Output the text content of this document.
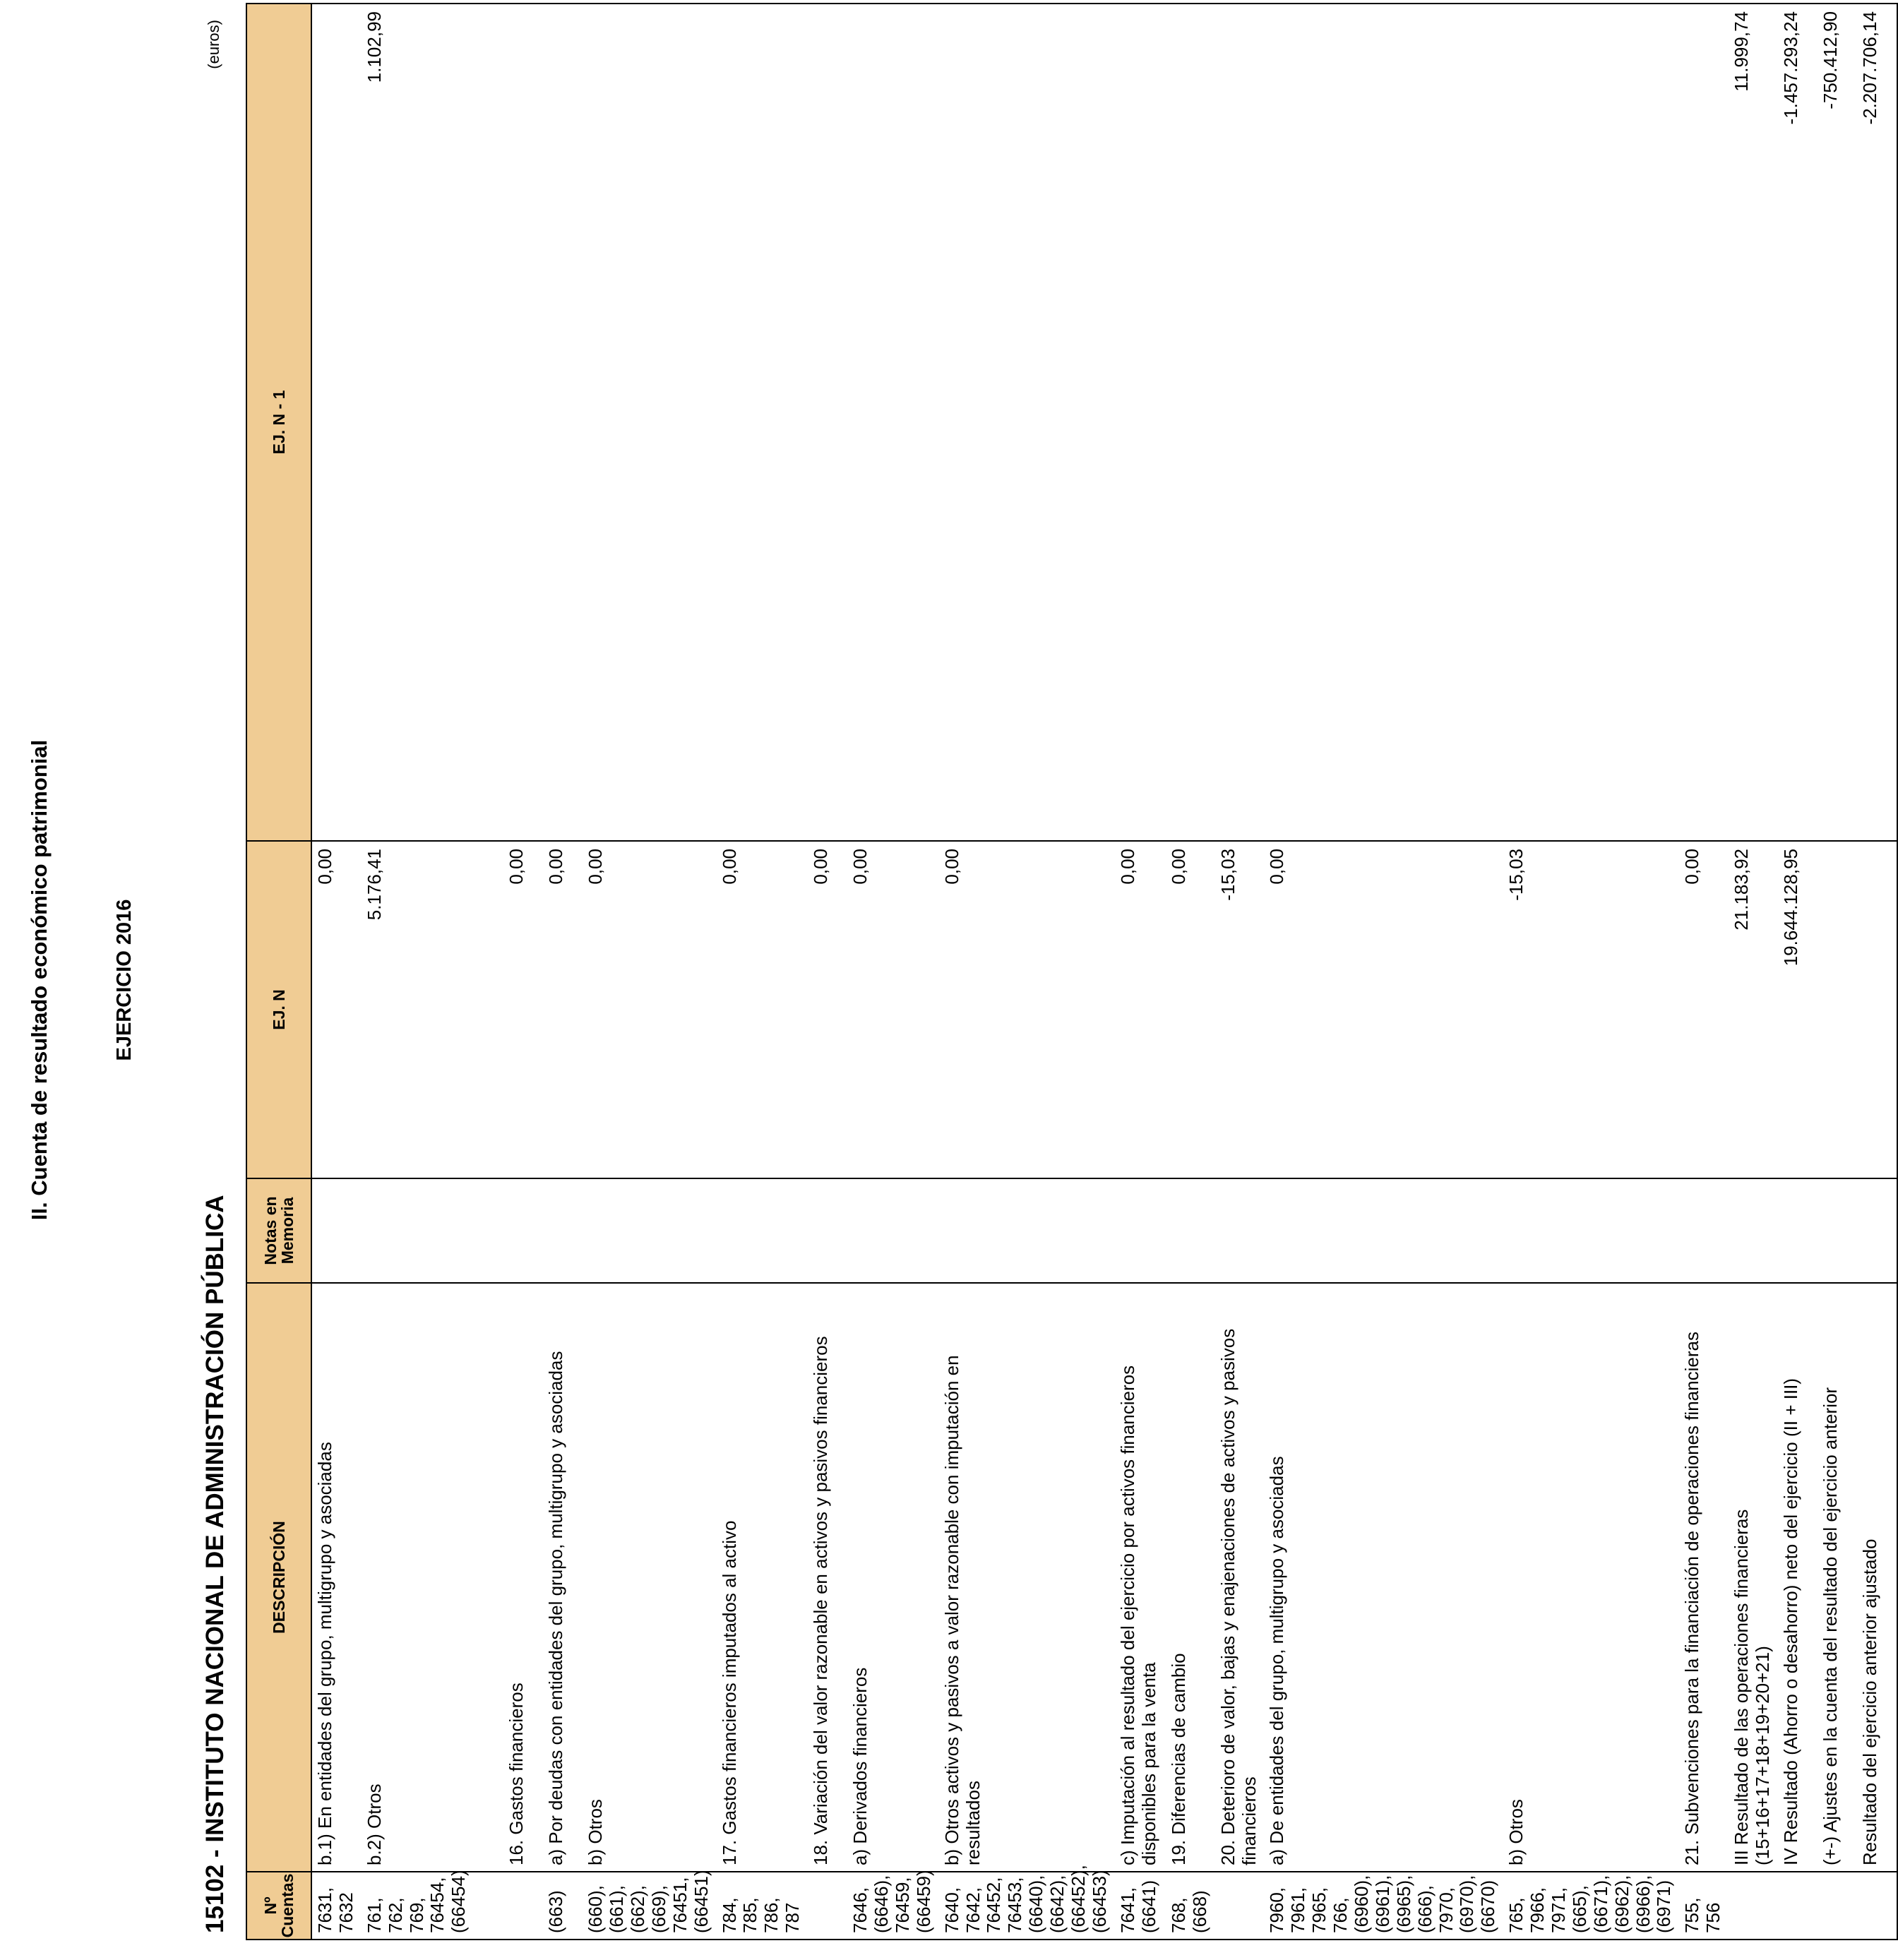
II. Cuenta de resultado económico patrimonial	EJERCICIO 2016
15102 - INSTITUTO NACIONAL DE ADMINISTRACIÓN PÚBLICA
(euros)
Nº Cuentas	DESCRIPCIÓN	Notas en Memoria	EJ. N	EJ. N - 1
7631, 7632	b.1) En entidades del grupo, multigrupo y asociadas		0,00	
761, 762, 769, 76454, (66454)	b.2) Otros		5.176,41	1.102,99

	16. Gastos financieros		0,00	
(663)	a) Por deudas con entidades del grupo, multigrupo y asociadas		0,00	
(660), (661), (662), (669), 76451, (66451)	b) Otros		0,00	
784, 785, 786, 787	17. Gastos financieros imputados al activo		0,00	
	18. Variación del valor razonable en activos y pasivos financieros		0,00	
7646, (6646), 76459, (66459)	a) Derivados financieros		0,00	
7640, 7642, 76452, 76453, (6640), (6642), (66452), (66453)	b) Otros activos y pasivos a valor razonable con imputación en resultados		0,00	
7641, (6641)	c) Imputación al resultado del ejercicio por activos financieros disponibles para la venta		0,00	
768, (668)	19. Diferencias de cambio		0,00	
	20. Deterioro de valor, bajas y enajenaciones de activos y pasivos financieros		-15,03	
7960, 7961, 7965, 766, (6960), (6961), (6965), (666), 7970, (6970), (6670)	a) De entidades del grupo, multigrupo y asociadas		0,00	
765, 7966, 7971, (665), (6671), (6962), (6966), (6971)	b) Otros		-15,03	
755, 756	21. Subvenciones para la financiación de operaciones financieras		0,00	
	III Resultado de las operaciones financieras (15+16+17+18+19+20+21)		21.183,92	11.999,74
	IV Resultado (Ahorro o desahorro) neto del ejercicio (II + III)		19.644.128,95	-1.457.293,24
	(+-) Ajustes en la cuenta del resultado del ejercicio anterior			-750.412,90
	Resultado del ejercicio anterior ajustado			-2.207.706,14
